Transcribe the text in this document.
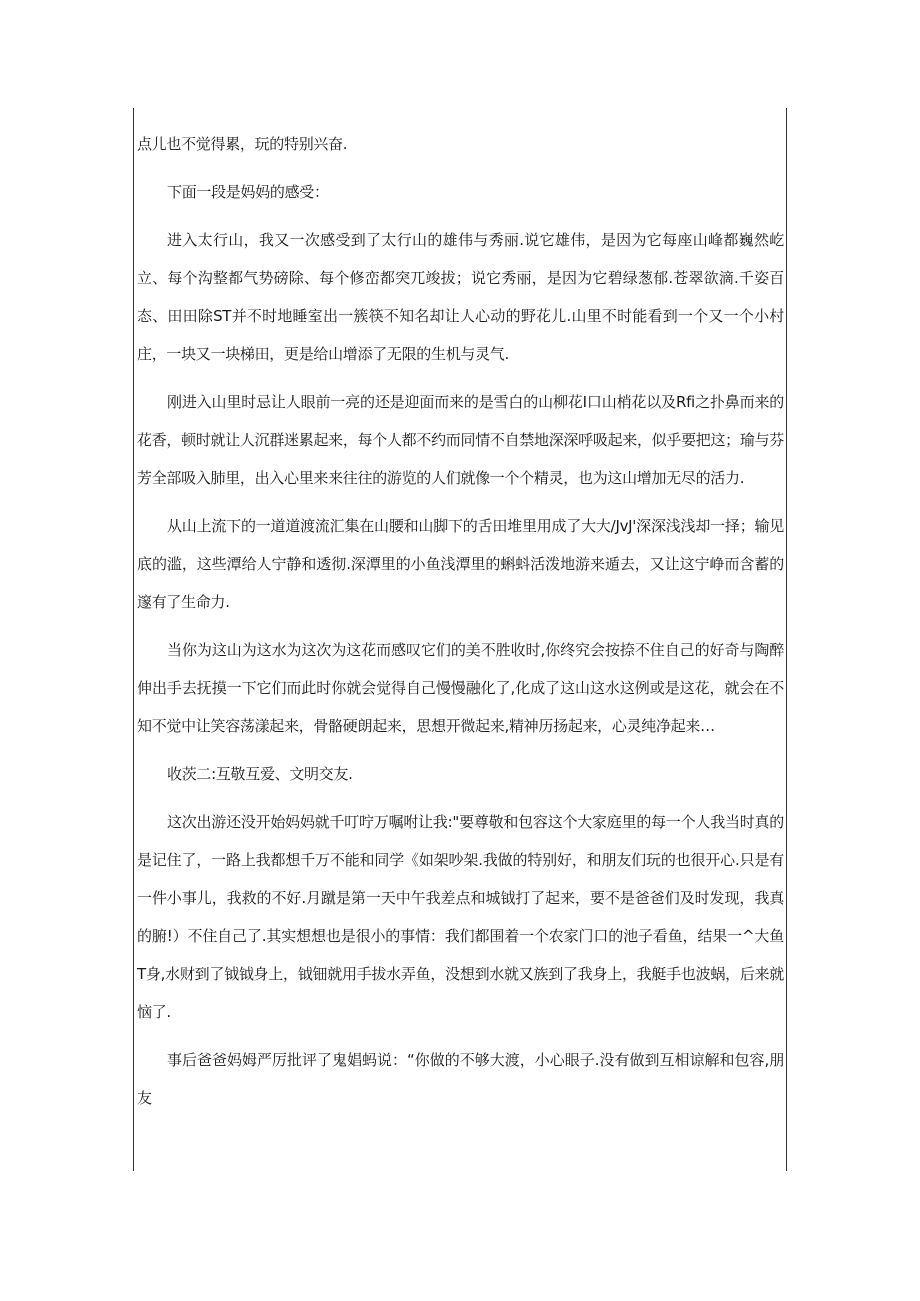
点儿也不觉得累，玩的特别兴奋.

下面一段是妈妈的感受：

进入太行山，我又一次感受到了太行山的雄伟与秀丽.说它雄伟，是因为它每座山峰都巍然屹立、每个沟整都气势磅除、每个修峦都突兀竣拔；说它秀丽，是因为它碧绿葱郁.苍翠欲滴.千姿百态、田田除ST并不时地睡室出一簇筷不知名却让人心动的野花儿.山里不时能看到一个又一个小村庄，一块又一块梯田，更是给山增添了无限的生机与灵气.

刚进入山里时忌让人眼前一亮的还是迎面而来的是雪白的山柳花I口山梢花以及Rfi之扑鼻而来的花香，顿时就让人沉群迷累起来，每个人都不约而同情不自禁地深深呼吸起来，似乎要把这；瑜与芬芳全部吸入肺里，出入心里来来往往的游览的人们就像一个个精灵，也为这山增加无尽的活力.

从山上流下的一道道渡流汇集在山腰和山脚下的舌田堆里用成了大大/JvJ'深深浅浅却一择；输见底的滥，这些潭给人宁静和透彻.深潭里的小鱼浅潭里的蝌蚪活泼地游来遁去，又让这宁峥而含蓄的邃有了生命力.

当你为这山为这水为这次为这花而感叹它们的美不胜收时,你终究会按捺不住自己的好奇与陶醉伸出手去抚摸一下它们而此时你就会觉得自己慢慢融化了,化成了这山这水这例或是这花，就会在不知不觉中让笑容荡漾起来，骨骼硬朗起来，思想开微起来,精神历扬起来，心灵纯净起来…

收茨二:互敬互爱、文明交友.

这次出游还没开始妈妈就千叮咛万嘱咐让我:"要尊敬和包容这个大家庭里的每一个人我当时真的是记住了，一路上我都想千万不能和同学《如架吵架.我做的特别好，和朋友们玩的也很开心.只是有一件小事儿，我救的不好.月蹴是第一天中午我差点和城钺打了起来，要不是爸爸们及时发现，我真的腑!）不住自己了.其实想想也是很小的事情：我们都围着一个农家门口的池子看鱼，结果一^大鱼T身,水财到了钺钺身上，钺钿就用手拔水弄鱼，没想到水就又族到了我身上，我艇手也波蜗，后来就恼了.

事后爸爸妈姆严厉批评了鬼娼蚂说：“你做的不够大渡，小心眼子.没有做到互相谅解和包容,朋友
